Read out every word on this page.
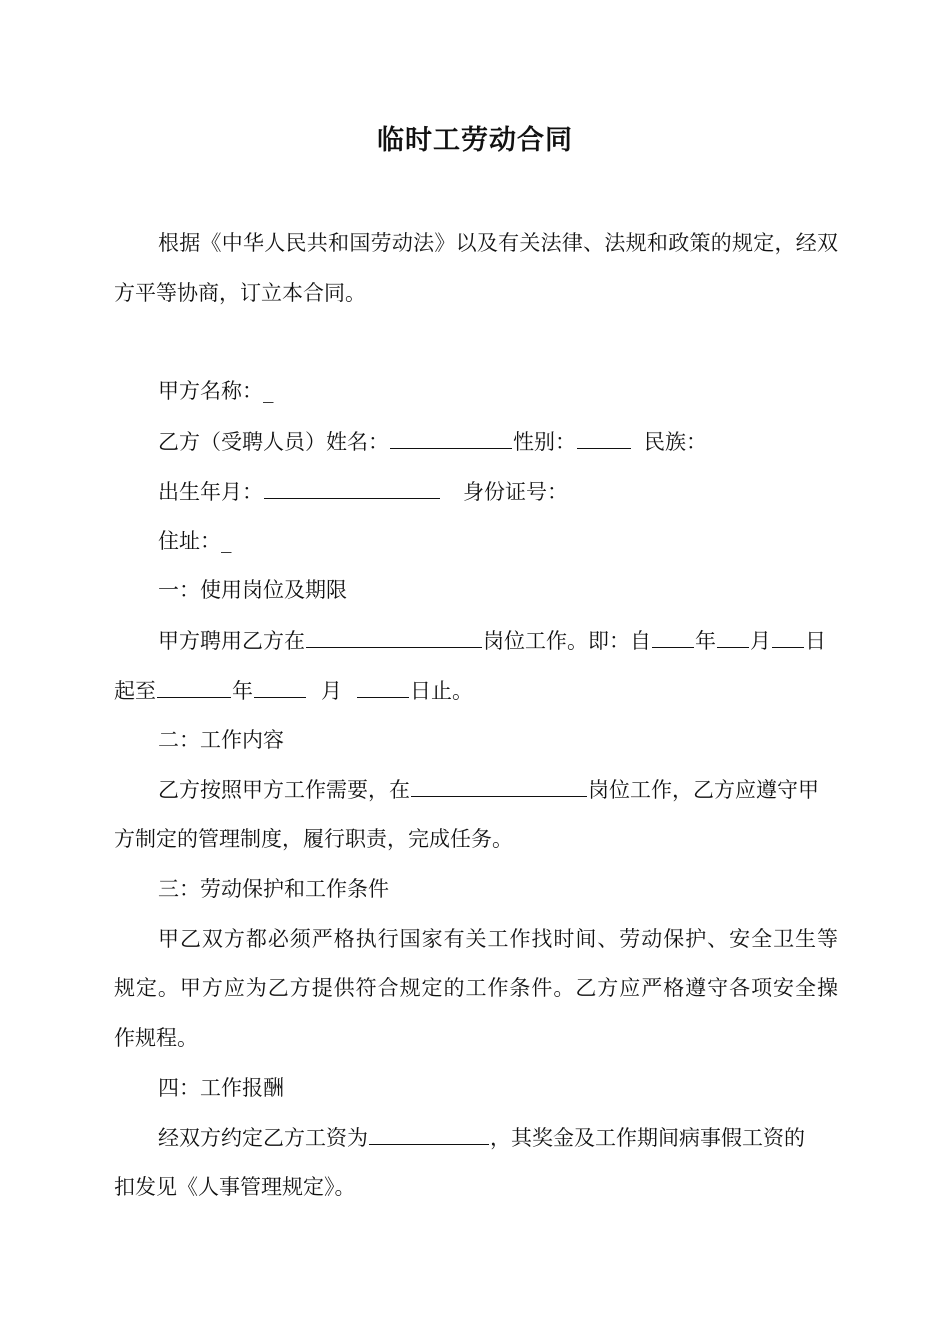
临时工劳动合同
根据《中华人民共和国劳动法》以及有关法律、法规和政策的规定，经双
方平等协商，订立本合同。
甲方名称：_
乙方（受聘人员）姓名：	性别：	民族：
出生年月：	身份证号：
住址：_
一：使用岗位及期限
甲方聘用乙方在	岗位工作。即：自 年 月 日
起至	年	月	日止。
二：工作内容
乙方按照甲方工作需要，在	岗位工作，乙方应遵守甲
方制定的管理制度，履行职责，完成任务。
三：劳动保护和工作条件
甲乙双方都必须严格执行国家有关工作找时间、劳动保护、安全卫生等
规定。甲方应为乙方提供符合规定的工作条件。乙方应严格遵守各项安全操
作规程。
四：工作报酬
经双方约定乙方工资为	，其奖金及工作期间病事假工资的
扣发见《人事管理规定》。
